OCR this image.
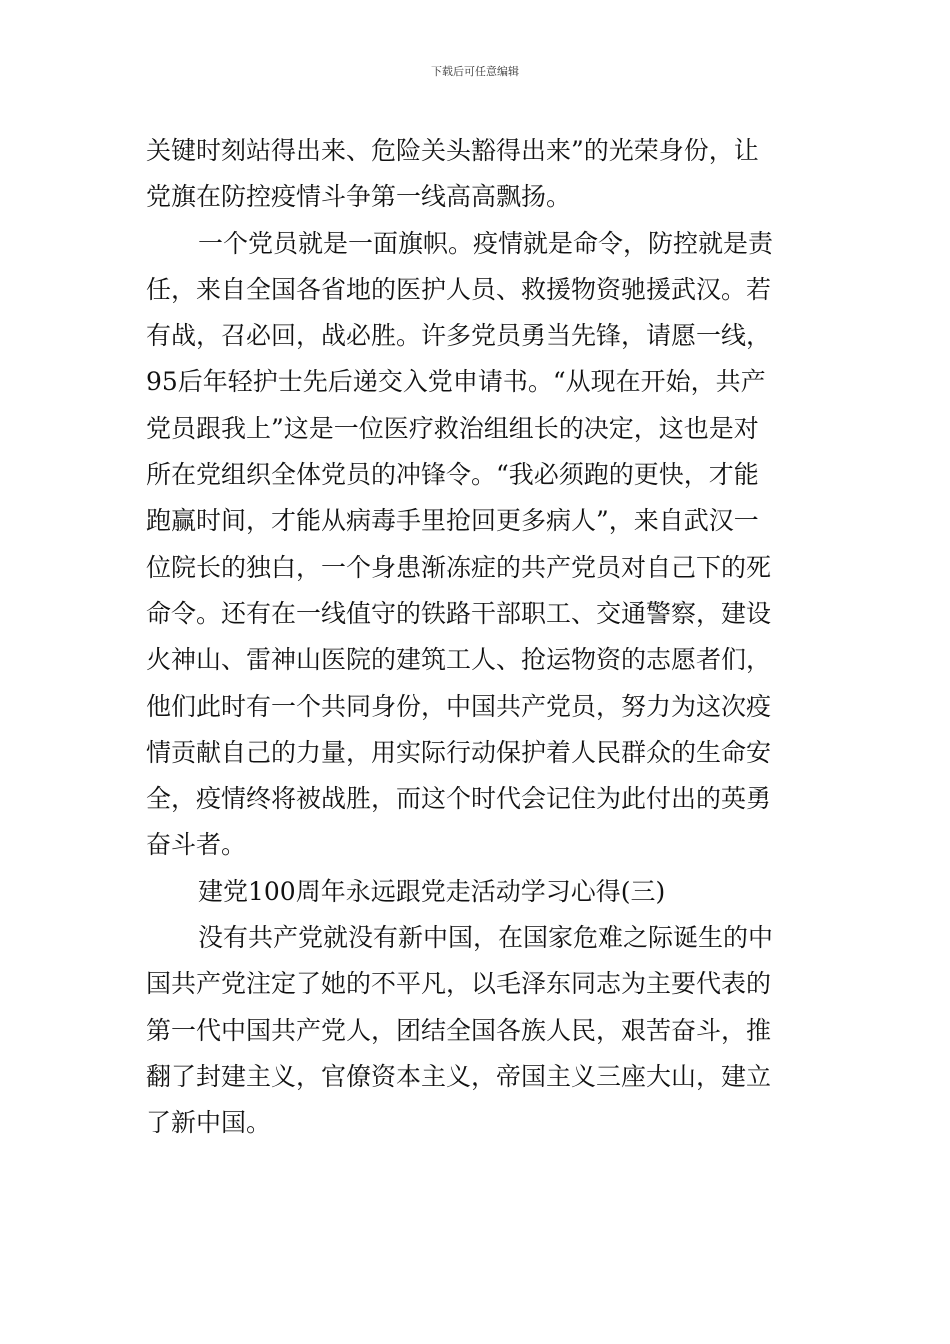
下载后可任意编辑
关键时刻站得出来、危险关头豁得出来”的光荣身份，让
党旗在防控疫情斗争第一线高高飘扬。
一个党员就是一面旗帜。疫情就是命令，防控就是责
任，来自全国各省地的医护人员、救援物资驰援武汉。若
有战，召必回，战必胜。许多党员勇当先锋，请愿一线，
95后年轻护士先后递交入党申请书。“从现在开始，共产
党员跟我上”这是一位医疗救治组组长的决定，这也是对
所在党组织全体党员的冲锋令。“我必须跑的更快，才能
跑赢时间，才能从病毒手里抢回更多病人”，来自武汉一
位院长的独白，一个身患渐冻症的共产党员对自己下的死
命令。还有在一线值守的铁路干部职工、交通警察，建设
火神山、雷神山医院的建筑工人、抢运物资的志愿者们，
他们此时有一个共同身份，中国共产党员，努力为这次疫
情贡献自己的力量，用实际行动保护着人民群众的生命安
全，疫情终将被战胜，而这个时代会记住为此付出的英勇
奋斗者。
建党100周年永远跟党走活动学习心得(三)
没有共产党就没有新中国，在国家危难之际诞生的中
国共产党注定了她的不平凡，以毛泽东同志为主要代表的
第一代中国共产党人，团结全国各族人民，艰苦奋斗，推
翻了封建主义，官僚资本主义，帝国主义三座大山，建立
了新中国。
